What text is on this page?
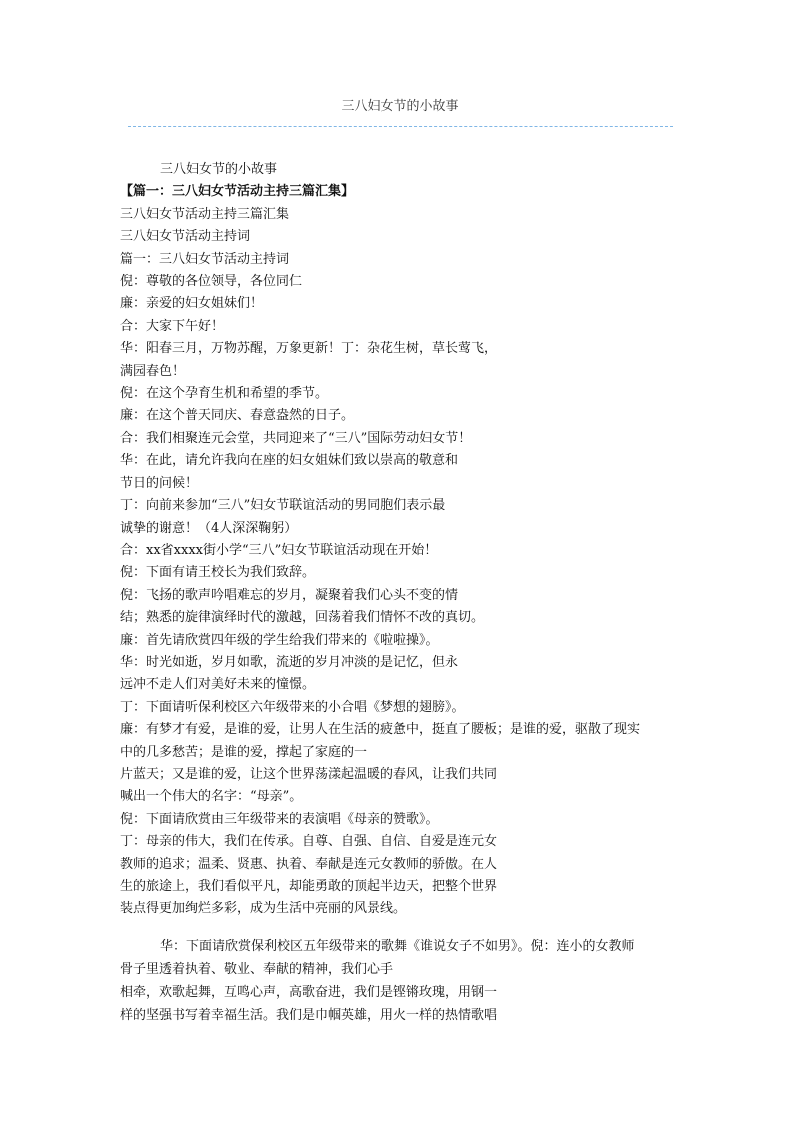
三八妇女节的小故事
三八妇女节的小故事
【篇一：三八妇女节活动主持三篇汇集】
三八妇女节活动主持三篇汇集
三八妇女节活动主持词
篇一：三八妇女节活动主持词
倪：尊敬的各位领导，各位同仁
廉：亲爱的妇女姐妹们！
合：大家下午好！
华：阳春三月，万物苏醒，万象更新！丁：杂花生树，草长莺飞，
满园春色！
倪：在这个孕育生机和希望的季节。
廉：在这个普天同庆、春意盎然的日子。
合：我们相聚连元会堂，共同迎来了“三八”国际劳动妇女节！
华：在此，请允许我向在座的妇女姐妹们致以崇高的敬意和
节日的问候！
丁：向前来参加“三八”妇女节联谊活动的男同胞们表示最
诚挚的谢意！（4人深深鞠躬）
合：xx省xxxx街小学“三八”妇女节联谊活动现在开始！
倪：下面有请王校长为我们致辞。
倪：飞扬的歌声吟唱难忘的岁月，凝聚着我们心头不变的情
结；熟悉的旋律演绎时代的激越，回荡着我们情怀不改的真切。
廉：首先请欣赏四年级的学生给我们带来的《啦啦操》。
华：时光如逝，岁月如歌，流逝的岁月冲淡的是记忆，但永
远冲不走人们对美好未来的憧憬。
丁：下面请听保利校区六年级带来的小合唱《梦想的翅膀》。
廉：有梦才有爱，是谁的爱，让男人在生活的疲惫中，挺直了腰板；是谁的爱，驱散了现实
中的几多愁苦；是谁的爱，撑起了家庭的一
片蓝天；又是谁的爱，让这个世界荡漾起温暖的春风，让我们共同
喊出一个伟大的名字：“母亲”。
倪：下面请欣赏由三年级带来的表演唱《母亲的赞歌》。
丁：母亲的伟大，我们在传承。自尊、自强、自信、自爱是连元女
教师的追求；温柔、贤惠、执着、奉献是连元女教师的骄傲。在人
生的旅途上，我们看似平凡，却能勇敢的顶起半边天，把整个世界
装点得更加绚烂多彩，成为生活中亮丽的风景线。
华：下面请欣赏保利校区五年级带来的歌舞《谁说女子不如男》。倪：连小的女教师
骨子里透着执着、敬业、奉献的精神，我们心手
相牵，欢歌起舞，互鸣心声，高歌奋进，我们是铿锵玫瑰，用钢一
样的坚强书写着幸福生活。我们是巾帼英雄，用火一样的热情歌唱
